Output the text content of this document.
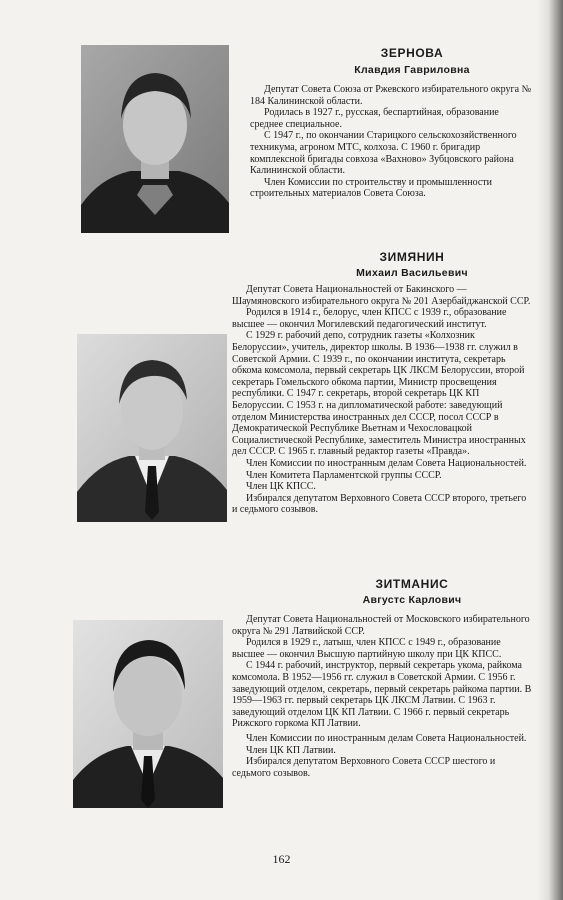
ЗЕРНОВА
Клавдия Гавриловна

Депутат Совета Союза от Ржевского избирательного округа № 184 Калининской области.

Родилась в 1927 г., русская, беспартийная, образование среднее специальное.

С 1947 г., по окончании Старицкого сельскохозяйственного техникума, агроном МТС, колхоза. С 1960 г. бригадир комплексной бригады совхоза «Вахново» Зубцовского района Калининской области.

Член Комиссии по строительству и промышленности строительных материалов Совета Союза.

ЗИМЯНИН
Михаил Васильевич

Депутат Совета Национальностей от Бакинского — Шаумяновского избирательного округа № 201 Азербайджанской ССР.

Родился в 1914 г., белорус, член КПСС с 1939 г., образование высшее — окончил Могилевский педагогический институт.

С 1929 г. рабочий депо, сотрудник газеты «Колхозник Белоруссии», учитель, директор школы. В 1936—1938 гг. служил в Советской Армии. С 1939 г., по окончании института, секретарь обкома комсомола, первый секретарь ЦК ЛКСМ Белоруссии, второй секретарь Гомельского обкома партии, Министр просвещения республики. С 1947 г. секретарь, второй секретарь ЦК КП Белоруссии. С 1953 г. на дипломатической работе: заведующий отделом Министерства иностранных дел СССР, посол СССР в Демократической Республике Вьетнам и Чехословацкой Социалистической Республике, заместитель Министра иностранных дел СССР. С 1965 г. главный редактор газеты «Правда».

Член Комиссии по иностранным делам Совета Национальностей.

Член Комитета Парламентской группы СССР.

Член ЦК КПСС.

Избирался депутатом Верховного Совета СССР второго, третьего и седьмого созывов.

ЗИТМАНИС
Августс Карлович

Депутат Совета Национальностей от Московского избирательного округа № 291 Латвийской ССР.

Родился в 1929 г., латыш, член КПСС с 1949 г., образование высшее — окончил Высшую партийную школу при ЦК КПСС.

С 1944 г. рабочий, инструктор, первый секретарь укома, райкома комсомола. В 1952—1956 гг. служил в Советской Армии. С 1956 г. заведующий отделом, секретарь, первый секретарь райкома партии. В 1959—1963 гг. первый секретарь ЦК ЛКСМ Латвии. С 1963 г. заведующий отделом ЦК КП Латвии. С 1966 г. первый секретарь Рижского горкома КП Латвии.

Член Комиссии по иностранным делам Совета Национальностей.

Член ЦК КП Латвии.

Избирался депутатом Верховного Совета СССР шестого и седьмого созывов.

162
